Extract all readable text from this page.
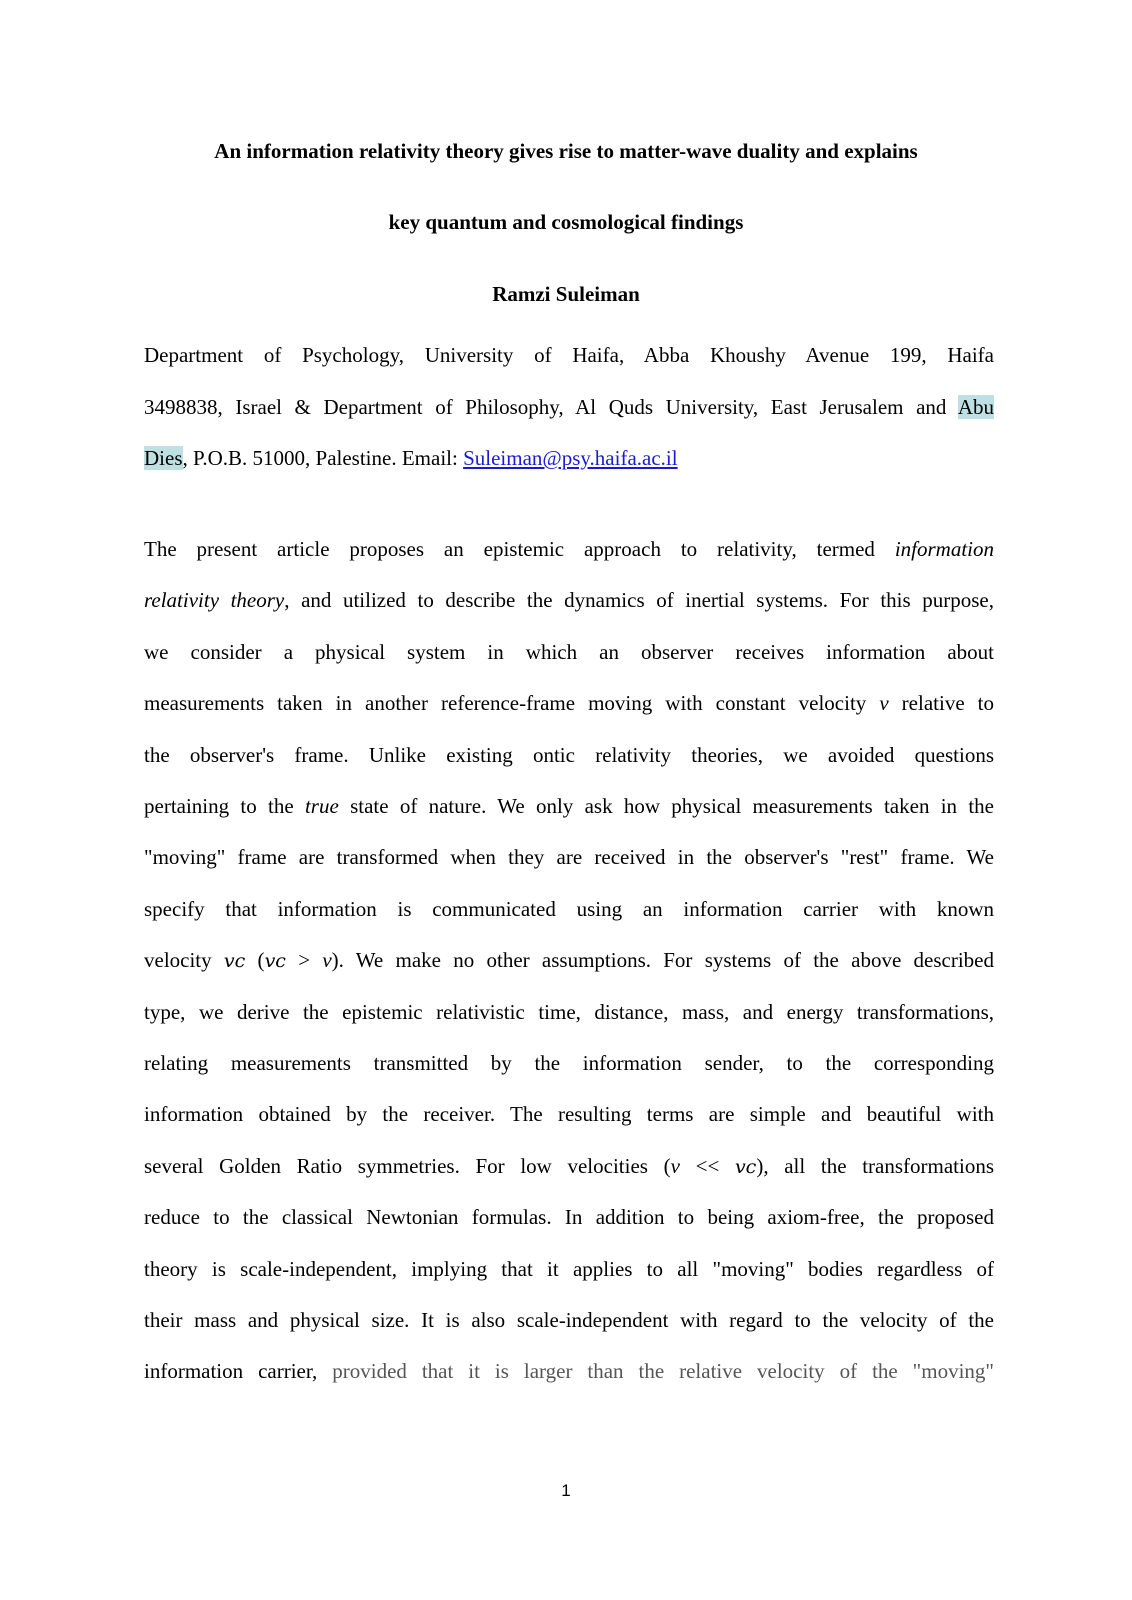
An information relativity theory gives rise to matter-wave duality and explains
key quantum and cosmological findings
Ramzi Suleiman
Department of Psychology, University of Haifa, Abba Khoushy Avenue 199, Haifa
3498838, Israel & Department of Philosophy, Al Quds University, East Jerusalem and Abu
Dies, P.O.B. 51000, Palestine. Email: Suleiman@psy.haifa.ac.il
The present article proposes an epistemic approach to relativity, termed information
relativity theory, and utilized to describe the dynamics of inertial systems. For this purpose,
we consider a physical system in which an observer receives information about
measurements taken in another reference-frame moving with constant velocity v relative to
the observer's frame. Unlike existing ontic relativity theories, we avoided questions
pertaining to the true state of nature. We only ask how physical measurements taken in the
"moving" frame are transformed when they are received in the observer's "rest" frame. We
specify that information is communicated using an information carrier with known
velocity 𝑣𝑐 (𝑣𝑐 > v). We make no other assumptions. For systems of the above described
type, we derive the epistemic relativistic time, distance, mass, and energy transformations,
relating measurements transmitted by the information sender, to the corresponding
information obtained by the receiver. The resulting terms are simple and beautiful with
several Golden Ratio symmetries. For low velocities (v << 𝑣𝑐), all the transformations
reduce to the classical Newtonian formulas. In addition to being axiom-free, the proposed
theory is scale-independent, implying that it applies to all "moving" bodies regardless of
their mass and physical size. It is also scale-independent with regard to the velocity of the
information carrier, provided that it is larger than the relative velocity of the "moving"
1
